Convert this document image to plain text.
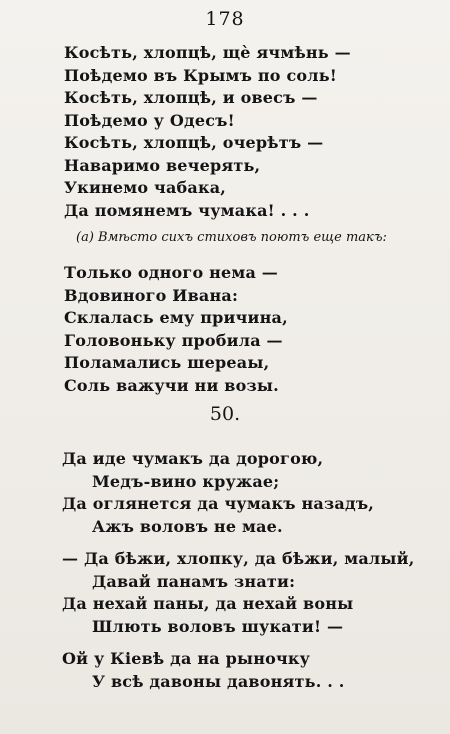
178
Косѣть, хлопцѣ, щѐ ячмѣнь —
Поѣдемо въ Крымъ по соль!
Косѣть, хлопцѣ, и овесъ —
Поѣдемо у Одесъ!
Косѣть, хлопцѣ, очерѣтъ —
Наваримо вечерять,
Укинемо чабака,
Да помянемъ чумака! . . .
(а) Вмѣсто сихъ стиховъ поютъ еще такъ:
Только одного нема —
Вдовиного Ивана:
Склалась ему причина,
Головоньку пробила —
Поламались шереаы,
Соль важучи ни возы.
50.
Да иде чумакъ да дорогою,
Медъ-вино кружае;
Да оглянется да чумакъ назадъ,
Ажъ воловъ не мае.
— Да бѣжи, хлопку, да бѣжи, малый,
Давай панамъ знати:
Да нехай паны, да нехай воны
Шлють воловъ шукати! —
Ой у Кіевѣ да на рыночку
У всѣ давоны давонять. . .
